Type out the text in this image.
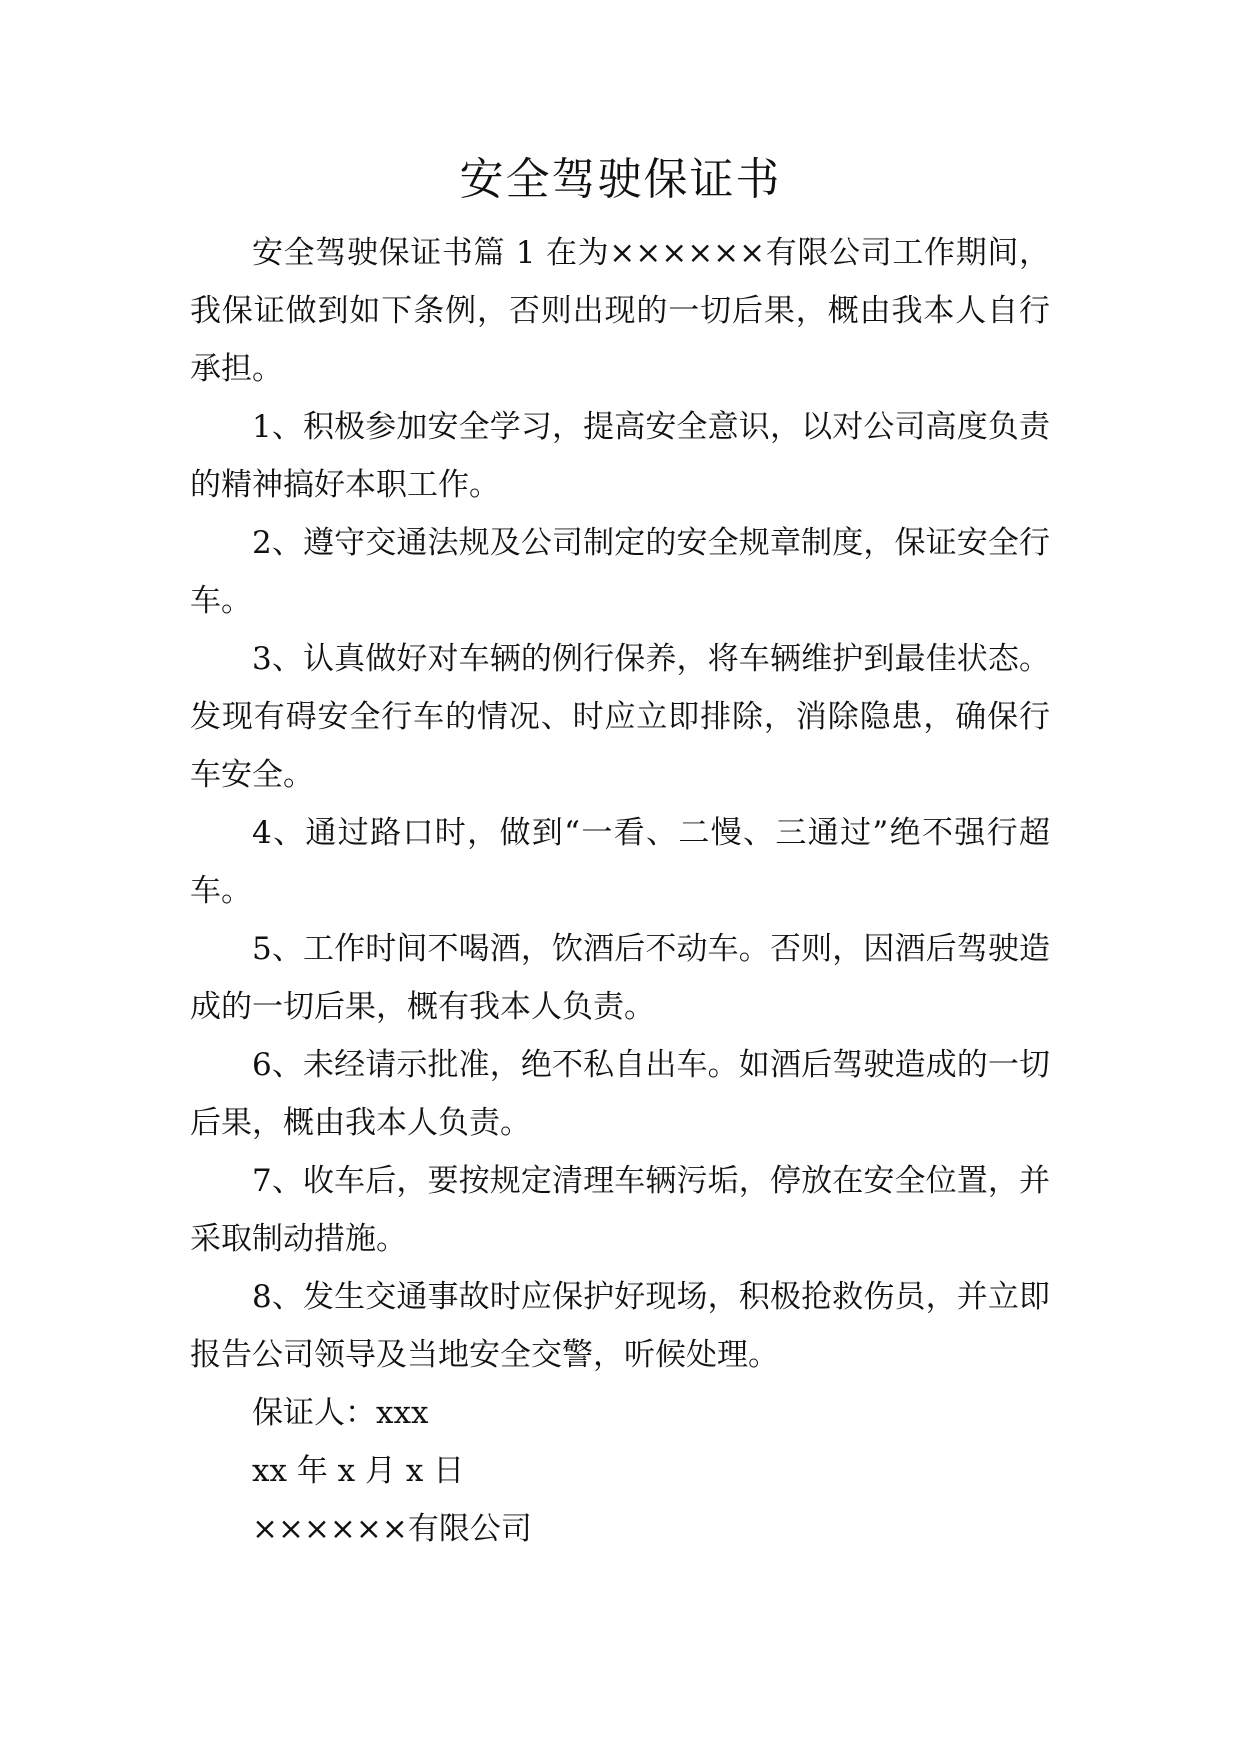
安全驾驶保证书

安全驾驶保证书篇 1 在为××××××有限公司工作期间，我保证做到如下条例，否则出现的一切后果，概由我本人自行承担。

1、积极参加安全学习，提高安全意识，以对公司高度负责的精神搞好本职工作。

2、遵守交通法规及公司制定的安全规章制度，保证安全行车。

3、认真做好对车辆的例行保养，将车辆维护到最佳状态。发现有碍安全行车的情况、时应立即排除，消除隐患，确保行车安全。

4、通过路口时，做到“一看、二慢、三通过”绝不强行超车。

5、工作时间不喝酒，饮酒后不动车。否则，因酒后驾驶造成的一切后果，概有我本人负责。

6、未经请示批准，绝不私自出车。如酒后驾驶造成的一切后果，概由我本人负责。

7、收车后，要按规定清理车辆污垢，停放在安全位置，并采取制动措施。

8、发生交通事故时应保护好现场，积极抢救伤员，并立即报告公司领导及当地安全交警，听候处理。

保证人：xxx

xx 年 x 月 x 日

××××××有限公司
